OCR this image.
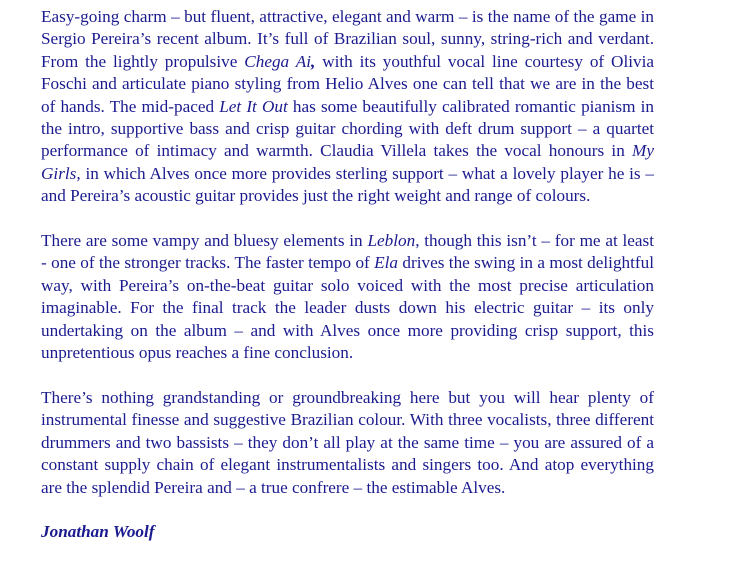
Easy-going charm – but fluent, attractive, elegant and warm – is the name of the game in Sergio Pereira’s recent album. It’s full of Brazilian soul, sunny, string-rich and verdant. From the lightly propulsive Chega Ai, with its youthful vocal line courtesy of Olivia Foschi and articulate piano styling from Helio Alves one can tell that we are in the best of hands. The mid-paced Let It Out has some beautifully calibrated romantic pianism in the intro, supportive bass and crisp guitar chording with deft drum support – a quartet performance of intimacy and warmth. Claudia Villela takes the vocal honours in My Girls, in which Alves once more provides sterling support – what a lovely player he is – and Pereira’s acoustic guitar provides just the right weight and range of colours.

There are some vampy and bluesy elements in Leblon, though this isn’t – for me at least - one of the stronger tracks. The faster tempo of Ela drives the swing in a most delightful way, with Pereira’s on-the-beat guitar solo voiced with the most precise articulation imaginable. For the final track the leader dusts down his electric guitar – its only undertaking on the album – and with Alves once more providing crisp support, this unpretentious opus reaches a fine conclusion.

There’s nothing grandstanding or groundbreaking here but you will hear plenty of instrumental finesse and suggestive Brazilian colour. With three vocalists, three different drummers and two bassists – they don’t all play at the same time – you are assured of a constant supply chain of elegant instrumentalists and singers too. And atop everything are the splendid Pereira and – a true confrere – the estimable Alves.

Jonathan Woolf
